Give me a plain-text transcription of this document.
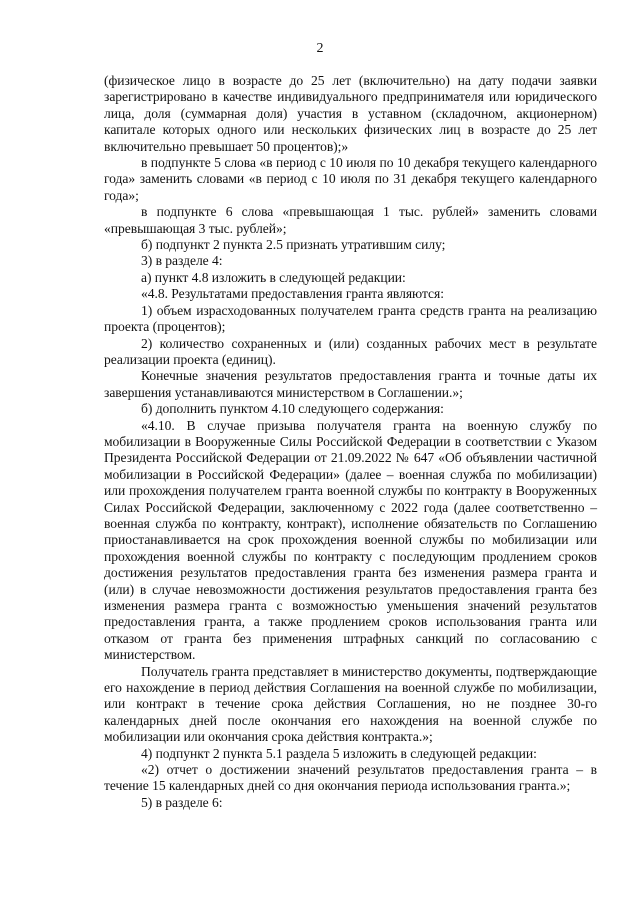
2

(физическое лицо в возрасте до 25 лет (включительно) на дату подачи заявки зарегистрировано в качестве индивидуального предпринимателя или юридического лица, доля (суммарная доля) участия в уставном (складочном, акционерном) капитале которых одного или нескольких физических лиц в возрасте до 25 лет включительно превышает 50 процентов);»

в подпункте 5 слова «в период с 10 июля по 10 декабря текущего календарного года» заменить словами «в период с 10 июля по 31 декабря текущего календарного года»;

в подпункте 6 слова «превышающая 1 тыс. рублей» заменить словами «превышающая 3 тыс. рублей»;

б) подпункт 2 пункта 2.5 признать утратившим силу;

3) в разделе 4:

а) пункт 4.8 изложить в следующей редакции:

«4.8. Результатами предоставления гранта являются:

1) объем израсходованных получателем гранта средств гранта на реализацию проекта (процентов);

2) количество сохраненных и (или) созданных рабочих мест в результате реализации проекта (единиц).

Конечные значения результатов предоставления гранта и точные даты их завершения устанавливаются министерством в Соглашении.»;

б) дополнить пунктом 4.10 следующего содержания:

«4.10. В случае призыва получателя гранта на военную службу по мобилизации в Вооруженные Силы Российской Федерации в соответствии с Указом Президента Российской Федерации от 21.09.2022 № 647 «Об объявлении частичной мобилизации в Российской Федерации» (далее – военная служба по мобилизации) или прохождения получателем гранта военной службы по контракту в Вооруженных Силах Российской Федерации, заключенному с 2022 года (далее соответственно – военная служба по контракту, контракт), исполнение обязательств по Соглашению приостанавливается на срок прохождения военной службы по мобилизации или прохождения военной службы по контракту с последующим продлением сроков достижения результатов предоставления гранта без изменения размера гранта и (или) в случае невозможности достижения результатов предоставления гранта без изменения размера гранта с возможностью уменьшения значений результатов предоставления гранта, а также продлением сроков использования гранта или отказом от гранта без применения штрафных санкций по согласованию с министерством.

Получатель гранта представляет в министерство документы, подтверждающие его нахождение в период действия Соглашения на военной службе по мобилизации, или контракт в течение срока действия Соглашения, но не позднее 30-го календарных дней после окончания его нахождения на военной службе по мобилизации или окончания срока действия контракта.»;

4) подпункт 2 пункта 5.1 раздела 5 изложить в следующей редакции:

«2) отчет о достижении значений результатов предоставления гранта – в течение 15 календарных дней со дня окончания периода использования гранта.»;

5) в разделе 6:
